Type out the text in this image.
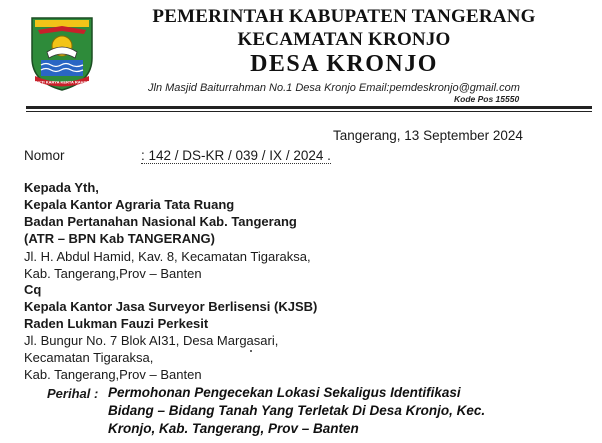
BHAKTI KARYA KERTA RAHARJA
PEMERINTAH KABUPATEN TANGERANG
KECAMATAN KRONJO
DESA KRONJO
Jln Masjid Baiturrahman No.1 Desa Kronjo Email:pemdeskronjo@gmail.com
Kode Pos 15550
Tangerang, 13 September 2024
Nomor	: 142 / DS-KR / 039 / IX / 2024 .
Kepada Yth,
Kepala Kantor Agraria Tata Ruang
Badan Pertanahan Nasional Kab. Tangerang
(ATR – BPN Kab TANGERANG)
Jl. H. Abdul Hamid, Kav. 8, Kecamatan Tigaraksa,
Kab. Tangerang,Prov – Banten
Cq
Kepala Kantor Jasa Surveyor Berlisensi (KJSB)
Raden Lukman Fauzi Perkesit
Jl. Bungur No. 7 Blok AI31, Desa Margasari,
Kecamatan Tigaraksa,
Kab. Tangerang,Prov – Banten
Perihal : Permohonan Pengecekan Lokasi Sekaligus Identifikasi
Bidang – Bidang Tanah Yang Terletak Di Desa Kronjo, Kec.
Kronjo, Kab. Tangerang, Prov – Banten
